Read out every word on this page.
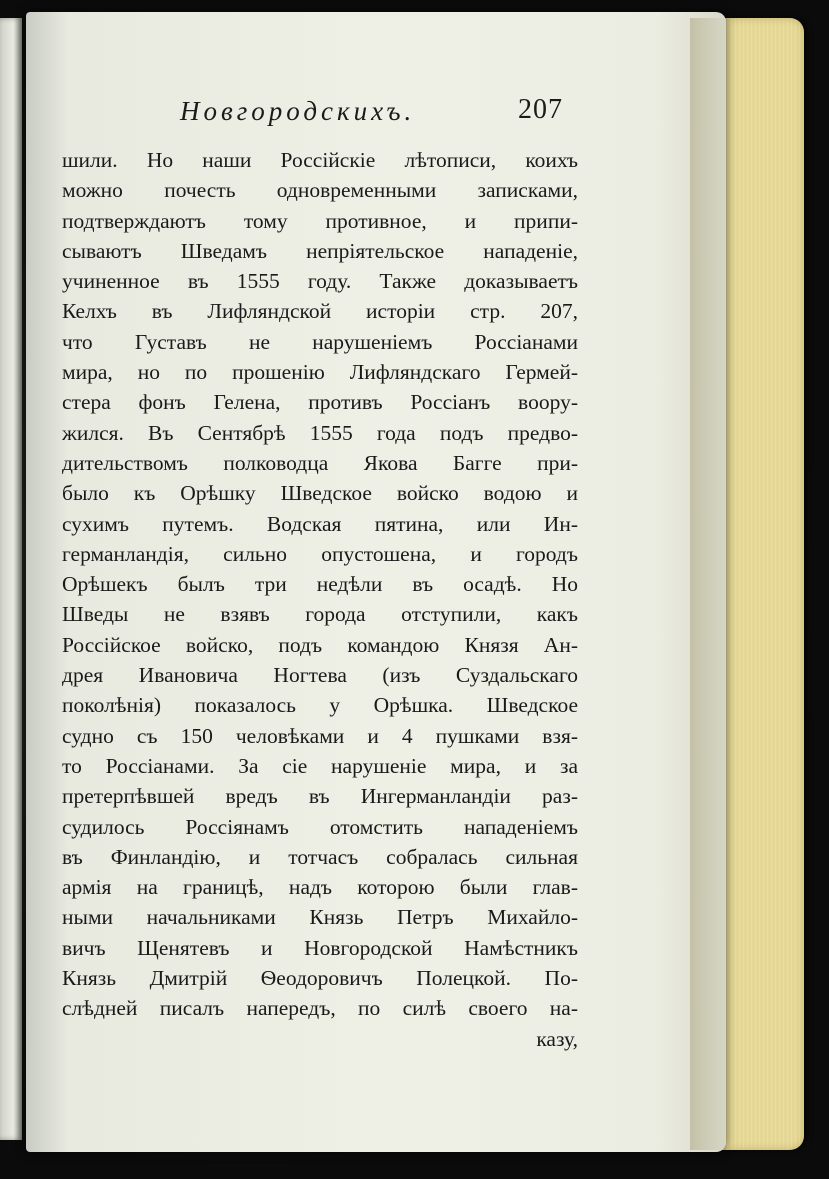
Новгородскихъ.	207
шили. Но наши Россійскіе лѣтописи, коихъ
можно почесть одновременными записками,
подтверждаютъ тому противное, и припи-
сываютъ Шведамъ непріятельское нападеніе,
учиненное въ 1555 году. Также доказываетъ
Келхъ въ Лифляндской исторіи стр. 207,
что Густавъ не нарушеніемъ Россіанами
мира, но по прошенію Лифляндскаго Гермей-
стера фонъ Гелена, противъ Россіанъ вooру-
жился. Въ Сентябрѣ 1555 года подъ предво-
дительствомъ полководца Якова Багге при-
было къ Орѣшку Шведское войско водою и
сухимъ путемъ. Водская пятина, или Ин-
германландія, сильно опустошена, и городъ
Орѣшекъ былъ три недѣли въ осадѣ. Но
Шведы не взявъ города отступили, какъ
Россійское войско, подъ командою Князя Ан-
дрея Ивановича Ногтева (изъ Суздальскаго
поколѣнія) показалось у Орѣшка. Шведское
судно съ 150 человѣками и 4 пушками взя-
то Россіанами. За сіе нарушеніе мира, и за
претерпѣвшей вредъ въ Ингерманландіи раз-
судилось Россіянамъ отомстить нападеніемъ
въ Финландію, и тотчасъ собралась сильная
армія на границѣ, надъ которою были глав-
ными начальниками Князь Петръ Михайло-
вичъ Щенятевъ и Новгородской Намѣстникъ
Князь Дмитрій Ѳеодоровичъ Полецкой. По-
слѣдней писалъ напередъ, по силѣ своего на-
казу,
